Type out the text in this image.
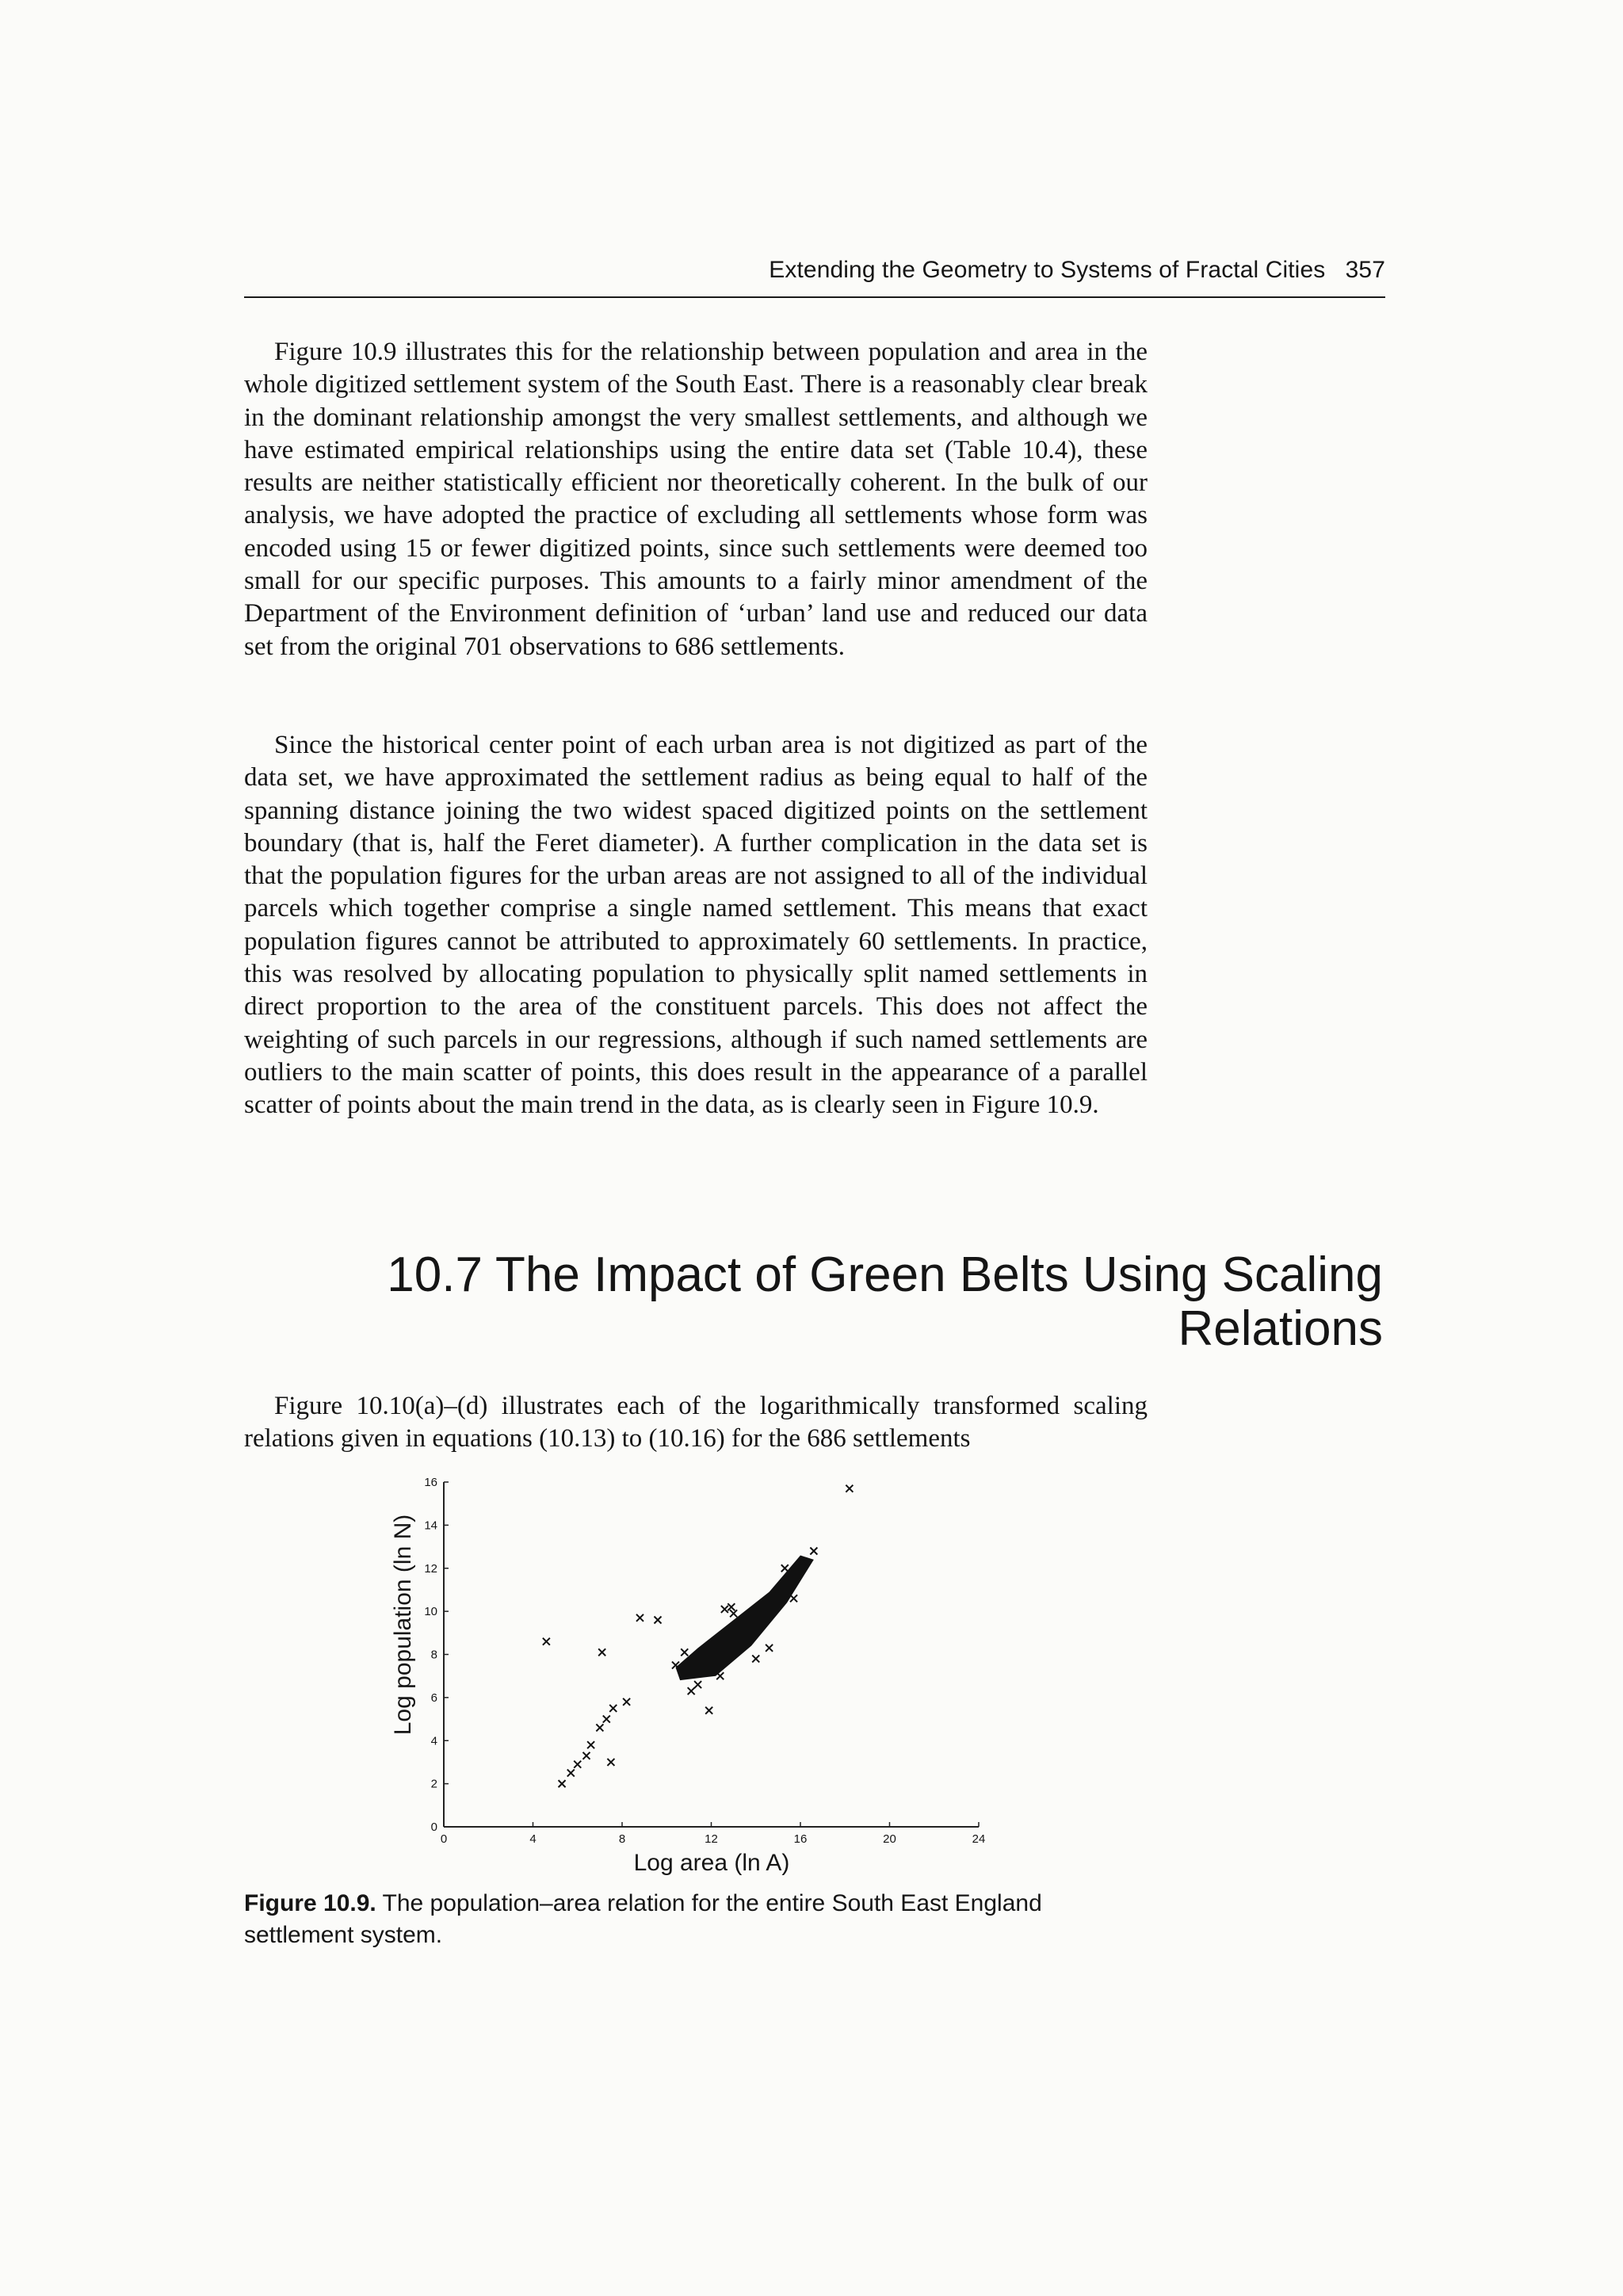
Extending the Geometry to Systems of Fractal Cities 357

Figure 10.9 illustrates this for the relationship between population and area in the whole digitized settlement system of the South East. There is a reasonably clear break in the dominant relationship amongst the very smallest settlements, and although we have estimated empirical relationships using the entire data set (Table 10.4), these results are neither statistically efficient nor theoretically coherent. In the bulk of our analysis, we have adopted the practice of excluding all settlements whose form was encoded using 15 or fewer digitized points, since such settlements were deemed too small for our specific purposes. This amounts to a fairly minor amendment of the Department of the Environment definition of ‘urban’ land use and reduced our data set from the original 701 observations to 686 settlements.

Since the historical center point of each urban area is not digitized as part of the data set, we have approximated the settlement radius as being equal to half of the spanning distance joining the two widest spaced digitized points on the settlement boundary (that is, half the Feret diameter). A further complication in the data set is that the population figures for the urban areas are not assigned to all of the individual parcels which together comprise a single named settlement. This means that exact population figures cannot be attributed to approximately 60 settlements. In practice, this was resolved by allocating population to physically split named settlements in direct proportion to the area of the constituent parcels. This does not affect the weighting of such parcels in our regressions, although if such named settlements are outliers to the main scatter of points, this does result in the appearance of a parallel scatter of points about the main trend in the data, as is clearly seen in Figure 10.9.

10.7 The Impact of Green Belts Using Scaling Relations

Figure 10.10(a)–(d) illustrates each of the logarithmically transformed scaling relations given in equations (10.13) to (10.16) for the 686 settlements

0	4	8	12	16	20	24
0
2
4
6
8
10
12
14
16
Log population (ln N)
Log area (ln A)
Figure 10.9. The population–area relation for the entire South East England settlement system.
